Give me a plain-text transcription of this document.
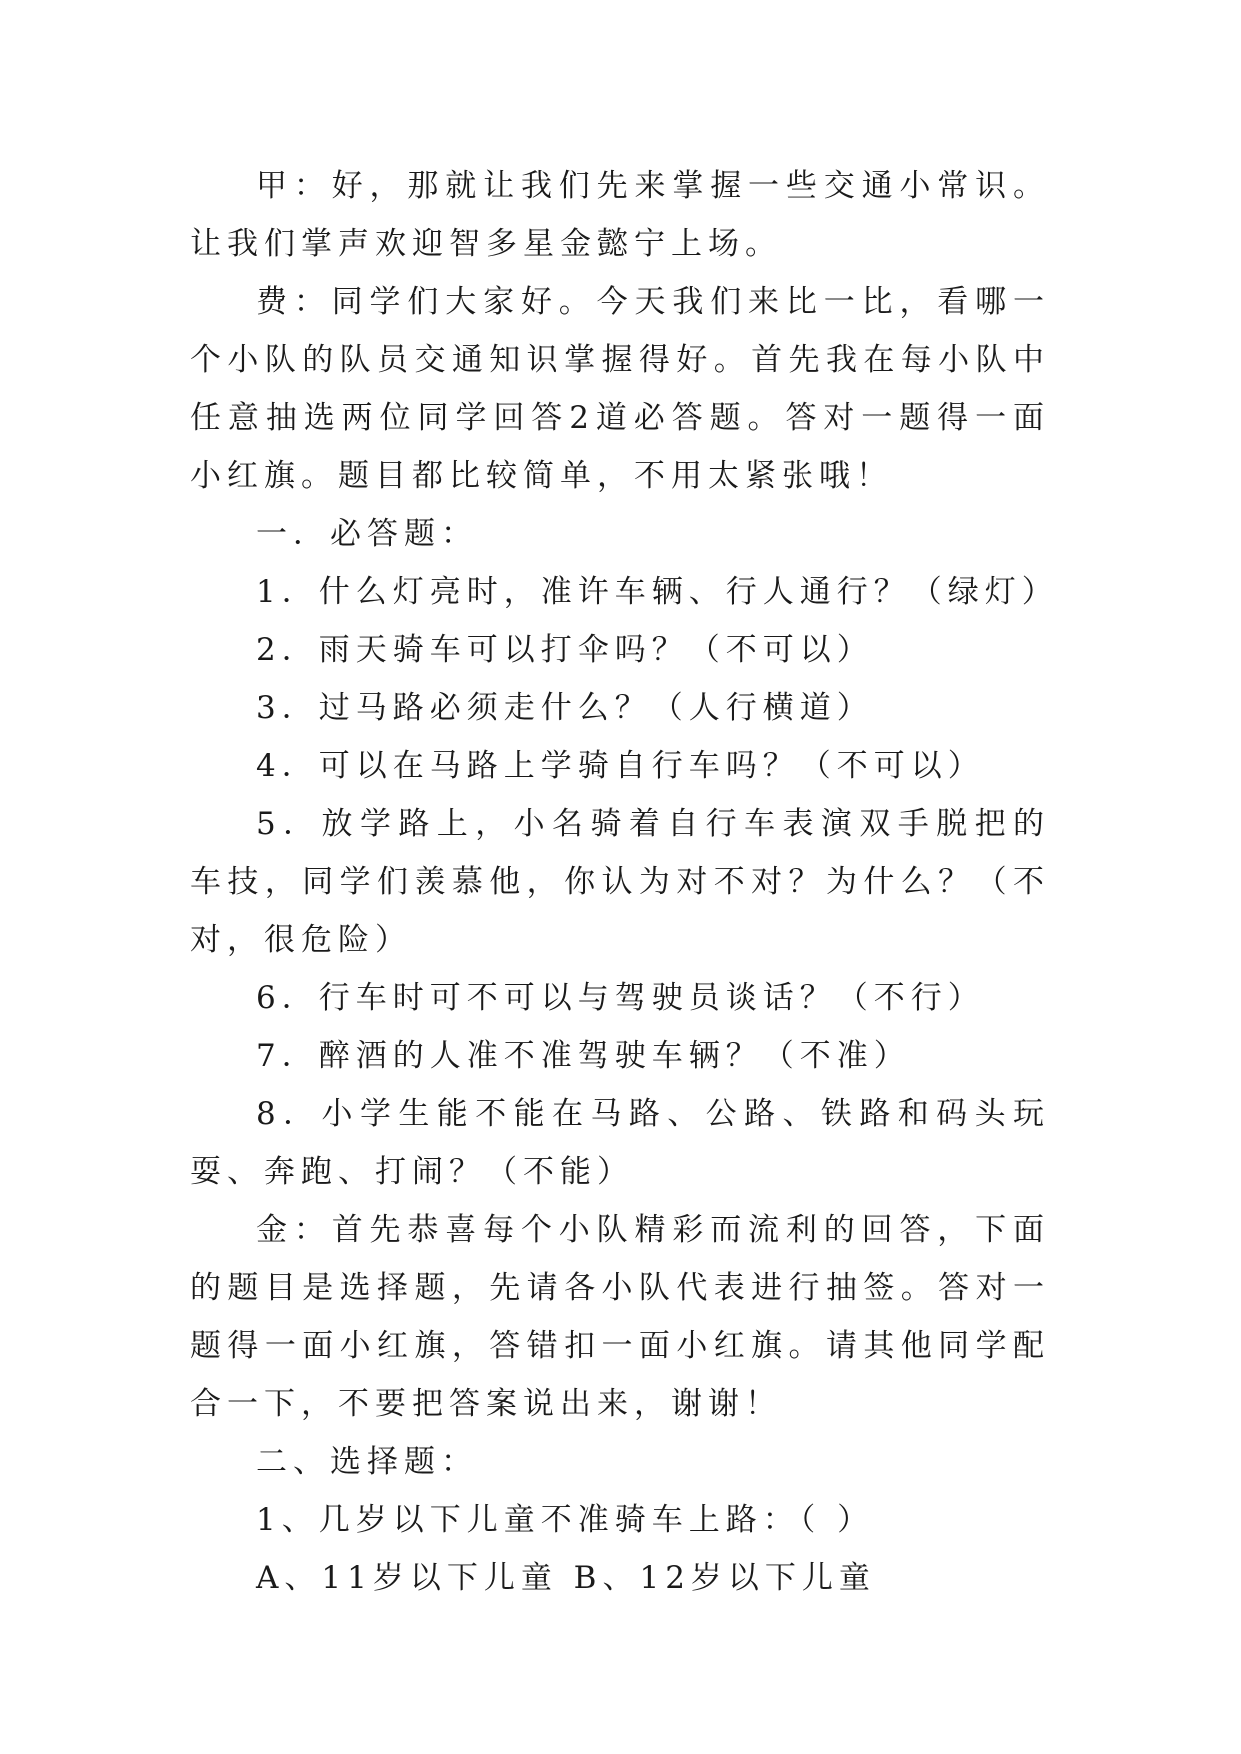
甲：好，那就让我们先来掌握一些交通小常识。让我们掌声欢迎智多星金懿宁上场。

费：同学们大家好。今天我们来比一比，看哪一个小队的队员交通知识掌握得好。首先我在每小队中任意抽选两位同学回答2道必答题。答对一题得一面小红旗。题目都比较简单，不用太紧张哦！

一．必答题：

1．什么灯亮时，准许车辆、行人通行？（绿灯）

2．雨天骑车可以打伞吗？（不可以）

3．过马路必须走什么？（人行横道）

4．可以在马路上学骑自行车吗？（不可以）

5．放学路上，小名骑着自行车表演双手脱把的车技，同学们羡慕他，你认为对不对？为什么？（不对，很危险）

6．行车时可不可以与驾驶员谈话？（不行）

7．醉酒的人准不准驾驶车辆？（不准）

8．小学生能不能在马路、公路、铁路和码头玩耍、奔跑、打闹？（不能）

金：首先恭喜每个小队精彩而流利的回答，下面的题目是选择题，先请各小队代表进行抽签。答对一题得一面小红旗，答错扣一面小红旗。请其他同学配合一下，不要把答案说出来，谢谢！

二、选择题：

1、几岁以下儿童不准骑车上路：（ ）

A、11岁以下儿童 B、12岁以下儿童
